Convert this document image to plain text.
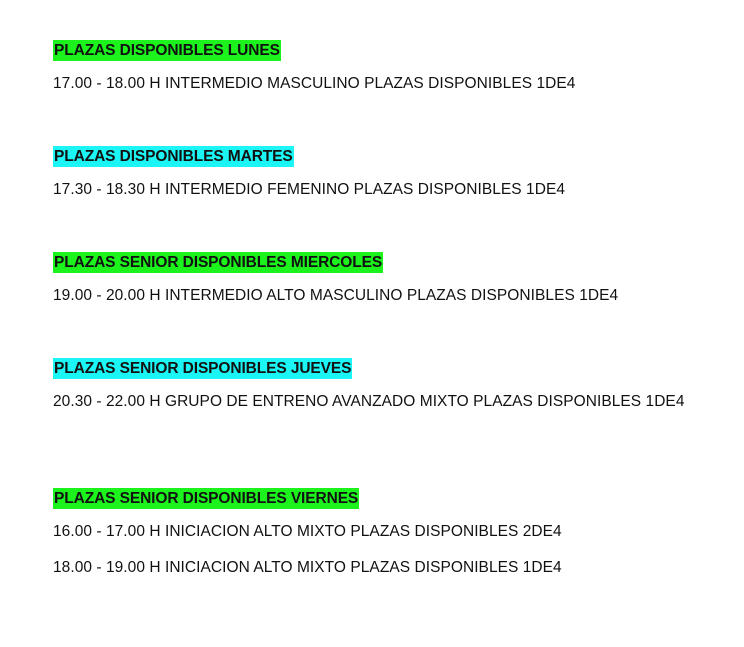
PLAZAS DISPONIBLES LUNES

17.00 - 18.00 H INTERMEDIO MASCULINO PLAZAS DISPONIBLES 1DE4

PLAZAS DISPONIBLES MARTES

17.30 - 18.30 H INTERMEDIO FEMENINO PLAZAS DISPONIBLES 1DE4

PLAZAS SENIOR DISPONIBLES MIERCOLES

19.00 - 20.00 H INTERMEDIO ALTO MASCULINO PLAZAS DISPONIBLES 1DE4

PLAZAS SENIOR DISPONIBLES JUEVES

20.30 - 22.00 H GRUPO DE ENTRENO AVANZADO MIXTO PLAZAS DISPONIBLES 1DE4

PLAZAS SENIOR DISPONIBLES VIERNES

16.00 - 17.00 H INICIACION ALTO MIXTO PLAZAS DISPONIBLES 2DE4

18.00 - 19.00 H INICIACION ALTO MIXTO PLAZAS DISPONIBLES 1DE4
